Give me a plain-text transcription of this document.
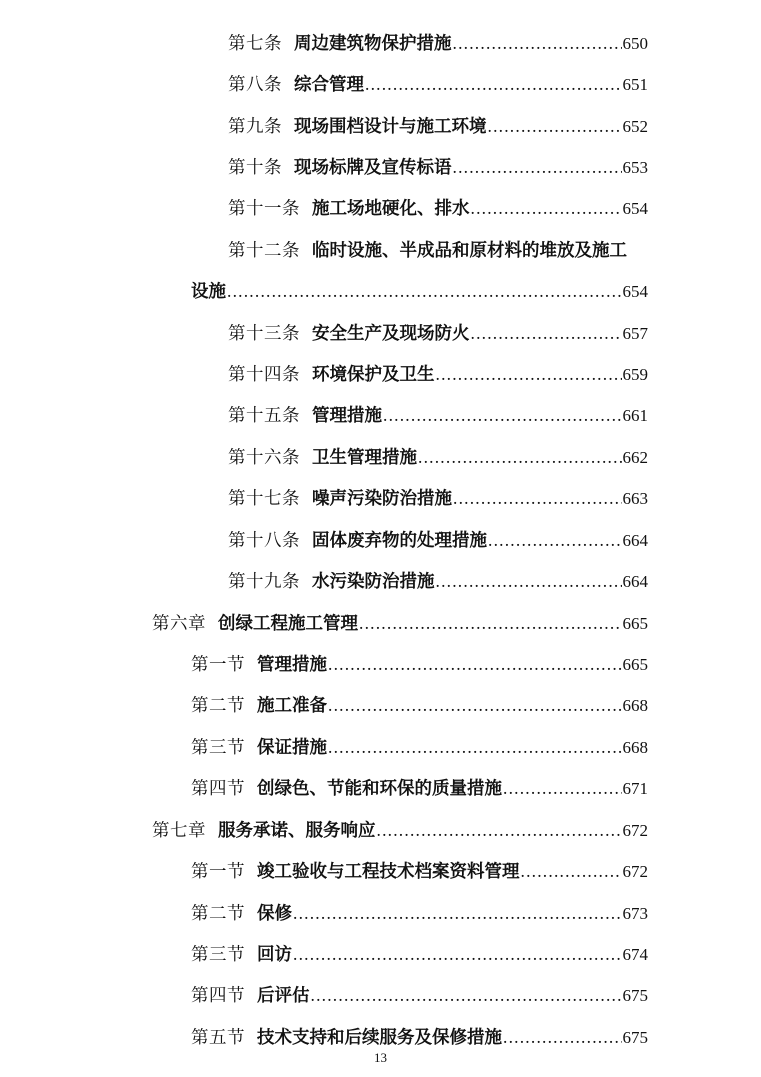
第七条 周边建筑物保护措施 .....	650
第八条 综合管理 .....	651
第九条 现场围档设计与施工环境 .....	652
第十条 现场标牌及宣传标语 .....	653
第十一条 施工场地硬化、排水 .....	654
第十二条 临时设施、半成品和原材料的堆放及施工
设施 .....	654
第十三条 安全生产及现场防火 .....	657
第十四条 环境保护及卫生 .....	659
第十五条 管理措施 .....	661
第十六条 卫生管理措施 .....	662
第十七条 噪声污染防治措施 .....	663
第十八条 固体废弃物的处理措施 .....	664
第十九条 水污染防治措施 .....	664
第六章 创绿工程施工管理 .....	665
第一节 管理措施 .....	665
第二节 施工准备 .....	668
第三节 保证措施 .....	668
第四节 创绿色、节能和环保的质量措施 .....	671
第七章 服务承诺、服务响应 .....	672
第一节 竣工验收与工程技术档案资料管理 .....	672
第二节 保修 .....	673
第三节 回访 .....	674
第四节 后评估 .....	675
第五节 技术支持和后续服务及保修措施 .....	675
13
